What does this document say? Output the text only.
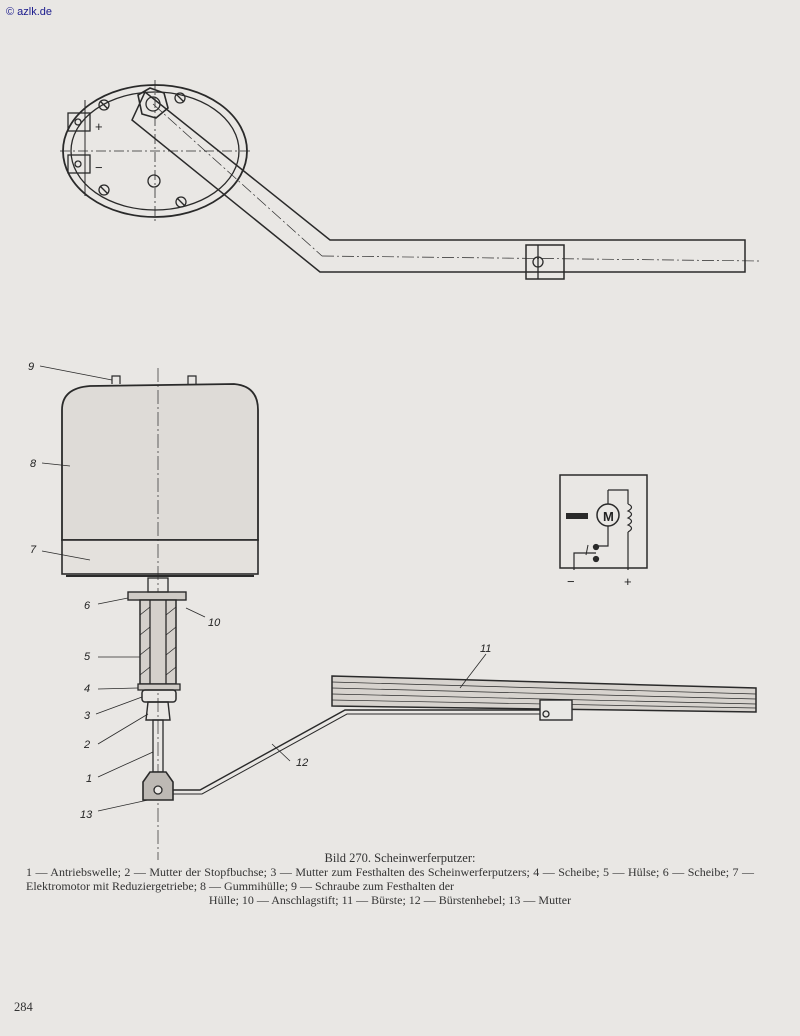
© azlk.de
+
−
9
8
7
6
10
5
4
3
2
1
13
12
11
M
−	+
Bild 270. Scheinwerferputzer:
1 — Antriebswelle; 2 — Mutter der Stopfbuchse; 3 — Mutter zum Festhalten des Scheinwerferputzers; 4 — Scheibe; 5 — Hülse; 6 — Scheibe; 7 — Elektromotor mit Reduziergetriebe; 8 — Gummihülle; 9 — Schraube zum Festhalten der
Hülle; 10 — Anschlagstift; 11 — Bürste; 12 — Bürstenhebel; 13 — Mutter
284
